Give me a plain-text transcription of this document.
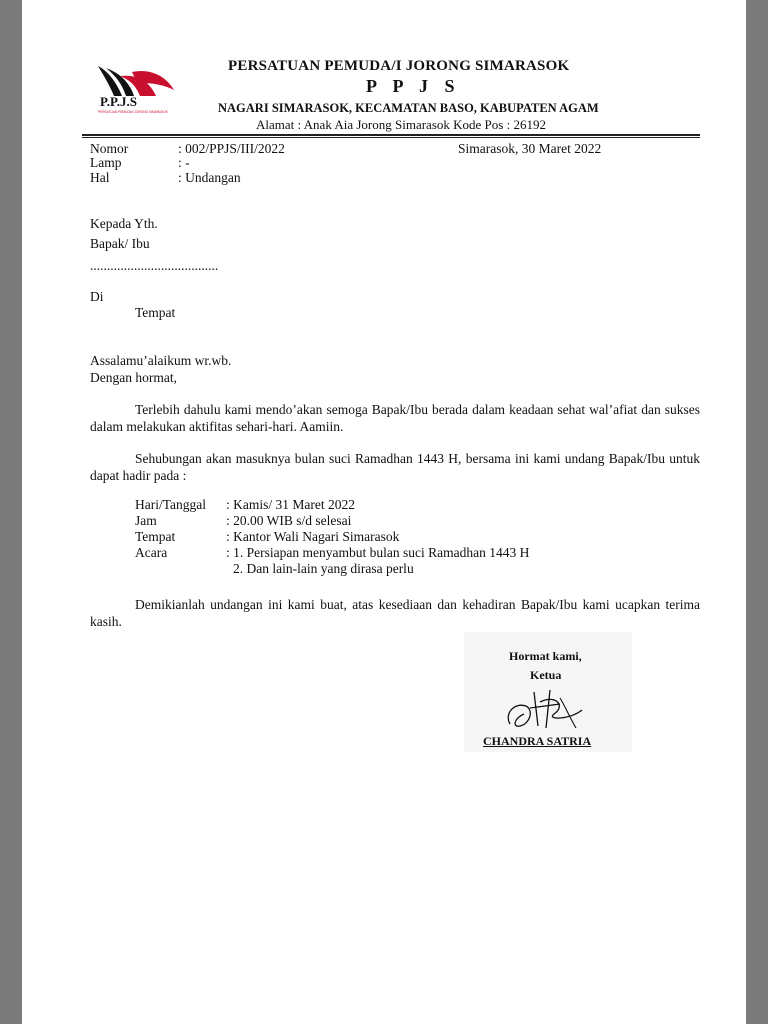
P.P.J.S
PERSATUAN PEMUDA/I JORONG SIMARASOK
PERSATUAN PEMUDA/I JORONG SIMARASOK
P P J S
NAGARI SIMARASOK, KECAMATAN BASO, KABUPATEN AGAM
Alamat : Anak Aia Jorong Simarasok Kode Pos : 26192
Nomor	: 002/PPJS/III/2022	Simarasok, 30 Maret 2022
Lamp	: -
Hal	: Undangan
Kepada Yth.
Bapak/ Ibu
......................................
Di
Tempat
Assalamu’alaikum wr.wb.
Dengan hormat,
Terlebih dahulu kami mendo’akan semoga Bapak/Ibu berada dalam keadaan sehat wal’afiat dan sukses dalam melakukan aktifitas sehari-hari. Aamiin.
Sehubungan akan masuknya bulan suci Ramadhan 1443 H, bersama ini kami undang Bapak/Ibu untuk dapat hadir pada :
Hari/Tanggal : Kamis/ 31 Maret 2022
Jam	: 20.00 WIB s/d selesai
Tempat	: Kantor Wali Nagari Simarasok
Acara	: 1. Persiapan menyambut bulan suci Ramadhan 1443 H
2. Dan lain-lain yang dirasa perlu
Demikianlah undangan ini kami buat, atas kesediaan dan kehadiran Bapak/Ibu kami ucapkan terima kasih.
Hormat kami,
Ketua
CHANDRA SATRIA
